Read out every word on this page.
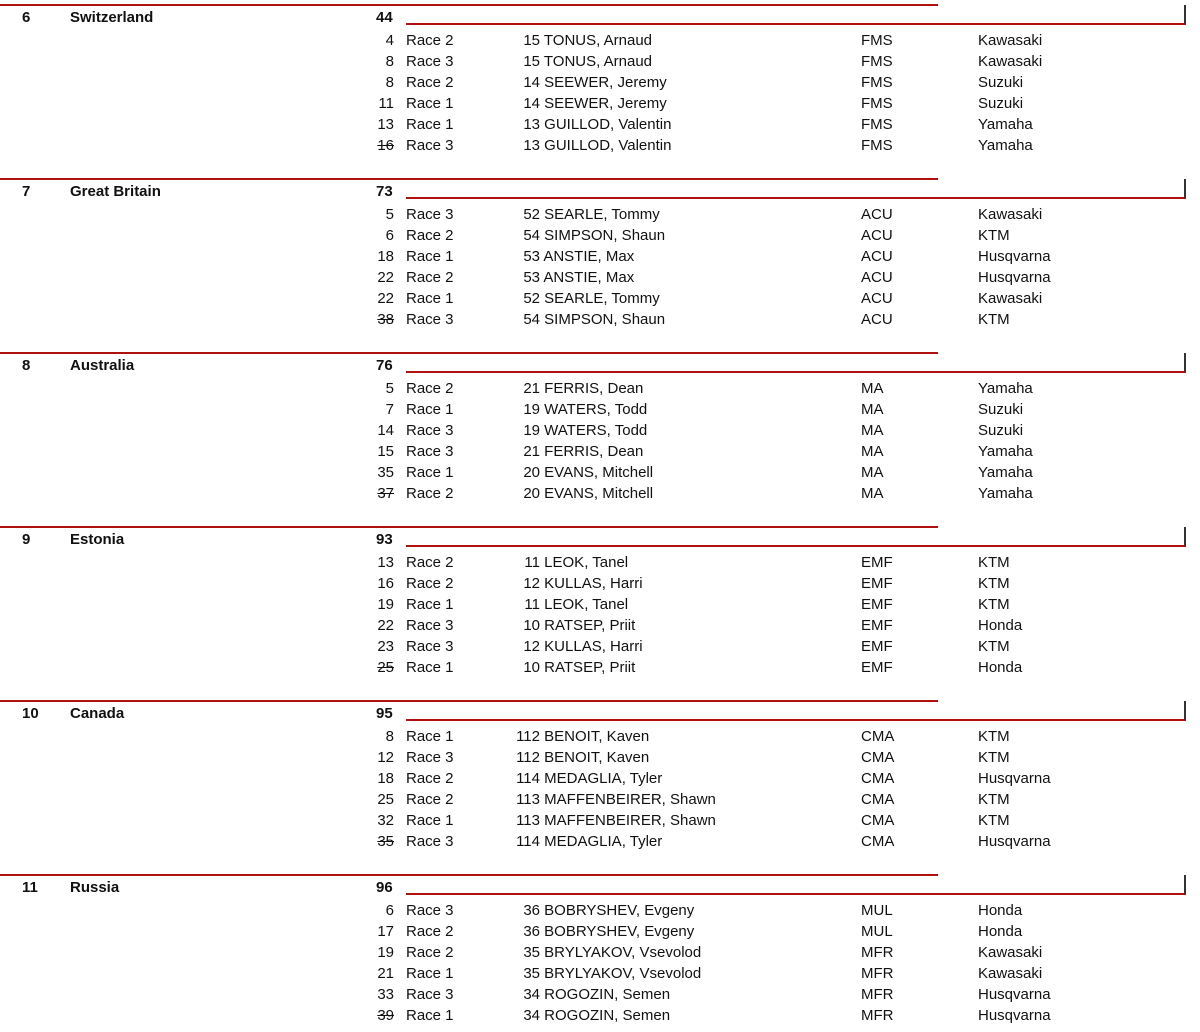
6	Switzerland	44
4 Race 2	15 TONUS, Arnaud	FMS	Kawasaki
8 Race 3	15 TONUS, Arnaud	FMS	Kawasaki
8 Race 2	14 SEEWER, Jeremy	FMS	Suzuki
11 Race 1	14 SEEWER, Jeremy	FMS	Suzuki
13 Race 1	13 GUILLOD, Valentin	FMS	Yamaha
16 Race 3	13 GUILLOD, Valentin	FMS	Yamaha
7	Great Britain	73
5 Race 3	52 SEARLE, Tommy	ACU	Kawasaki
6 Race 2	54 SIMPSON, Shaun	ACU	KTM
18 Race 1	53 ANSTIE, Max	ACU	Husqvarna
22 Race 2	53 ANSTIE, Max	ACU	Husqvarna
22 Race 1	52 SEARLE, Tommy	ACU	Kawasaki
38 Race 3	54 SIMPSON, Shaun	ACU	KTM
8	Australia	76
5 Race 2	21 FERRIS, Dean	MA	Yamaha
7 Race 1	19 WATERS, Todd	MA	Suzuki
14 Race 3	19 WATERS, Todd	MA	Suzuki
15 Race 3	21 FERRIS, Dean	MA	Yamaha
35 Race 1	20 EVANS, Mitchell	MA	Yamaha
37 Race 2	20 EVANS, Mitchell	MA	Yamaha
9	Estonia	93
13 Race 2	11 LEOK, Tanel	EMF	KTM
16 Race 2	12 KULLAS, Harri	EMF	KTM
19 Race 1	11 LEOK, Tanel	EMF	KTM
22 Race 3	10 RATSEP, Priit	EMF	Honda
23 Race 3	12 KULLAS, Harri	EMF	KTM
25 Race 1	10 RATSEP, Priit	EMF	Honda
10 Canada	95
8 Race 1	112 BENOIT, Kaven	CMA	KTM
12 Race 3	112 BENOIT, Kaven	CMA	KTM
18 Race 2	114 MEDAGLIA, Tyler	CMA	Husqvarna
25 Race 2	113 MAFFENBEIRER, Shawn	CMA	KTM
32 Race 1	113 MAFFENBEIRER, Shawn	CMA	KTM
35 Race 3	114 MEDAGLIA, Tyler	CMA	Husqvarna
11 Russia	96
6 Race 3	36 BOBRYSHEV, Evgeny	MUL	Honda
17 Race 2	36 BOBRYSHEV, Evgeny	MUL	Honda
19 Race 2	35 BRYLYAKOV, Vsevolod	MFR	Kawasaki
21 Race 1	35 BRYLYAKOV, Vsevolod	MFR	Kawasaki
33 Race 3	34 ROGOZIN, Semen	MFR	Husqvarna
39 Race 1	34 ROGOZIN, Semen	MFR	Husqvarna
